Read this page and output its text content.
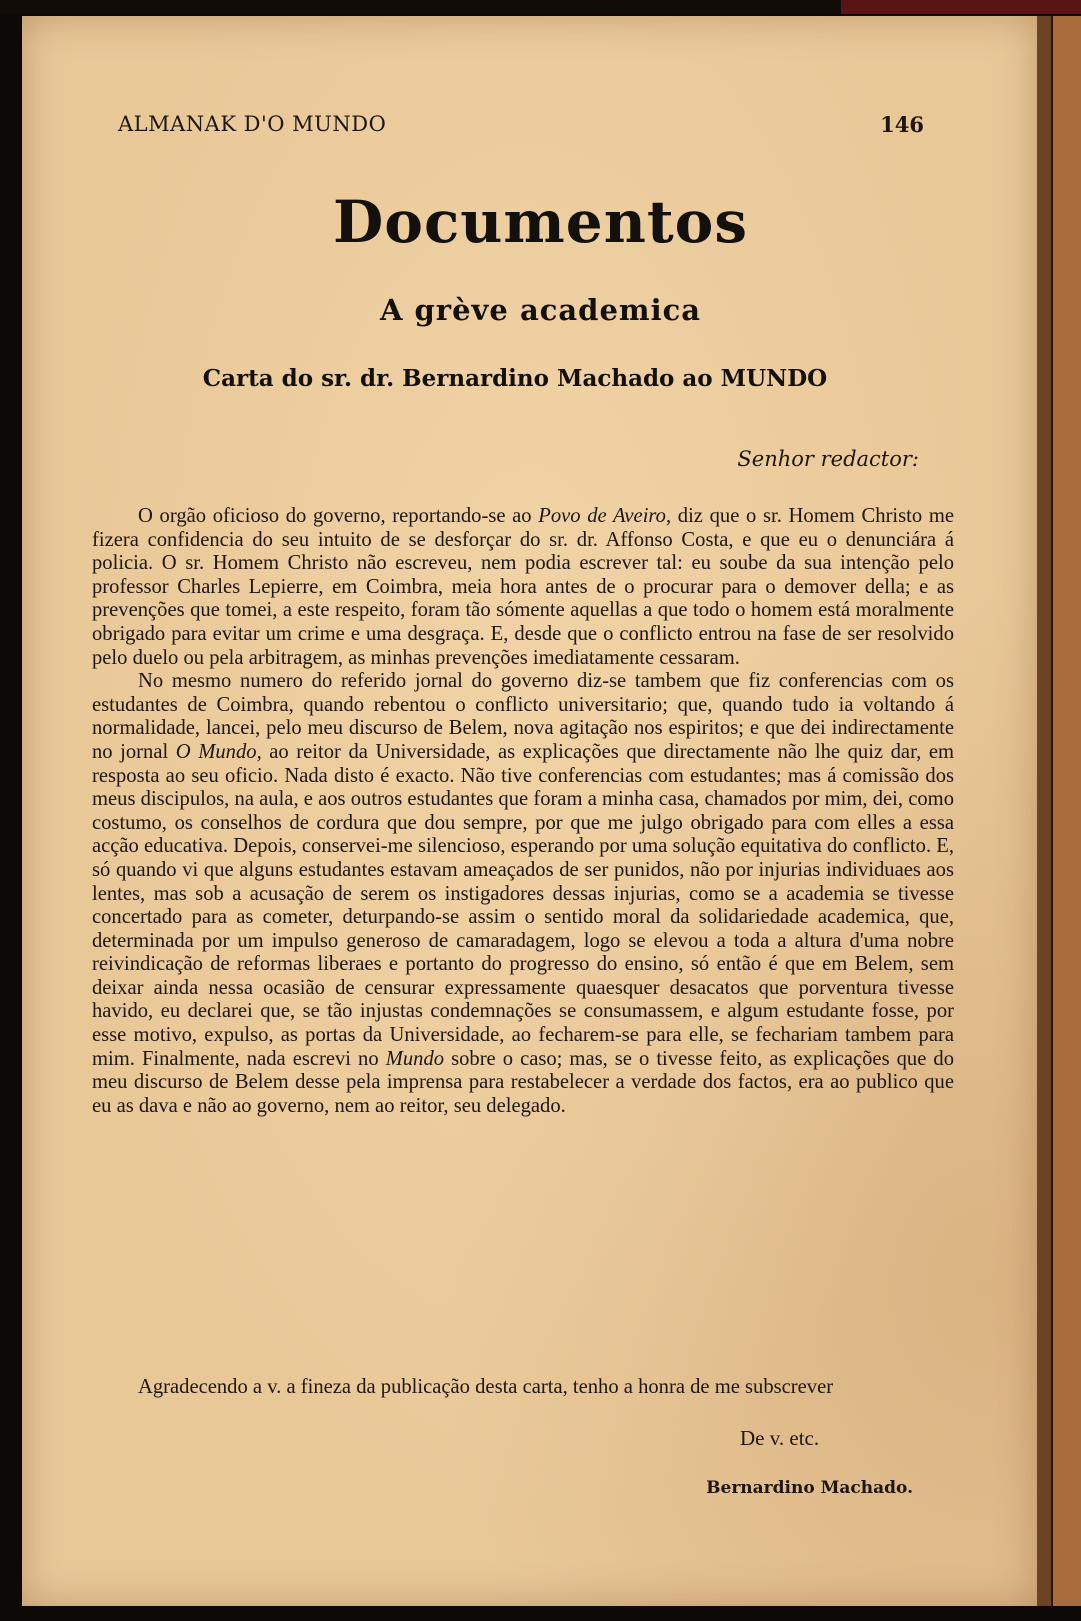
ALMANAK D'O MUNDO	146
Documentos
A grève academica
Carta do sr. dr. Bernardino Machado ao MUNDO
Senhor redactor:

O orgão oficioso do governo, reportando-se ao Povo de Aveiro, diz que o sr. Homem Christo me fizera confidencia do seu intuito de se desforçar do sr. dr. Affonso Costa, e que eu o denunciára á policia. O sr. Homem Christo não escreveu, nem podia escrever tal: eu soube da sua intenção pelo professor Charles Lepierre, em Coimbra, meia hora antes de o procurar para o demover della; e as prevenções que tomei, a este respeito, foram tão sómente aquellas a que todo o homem está moralmente obrigado para evitar um crime e uma desgraça. E, desde que o conflicto entrou na fase de ser resolvido pelo duelo ou pela arbitragem, as minhas prevenções imediatamente cessaram.

No mesmo numero do referido jornal do governo diz-se tambem que fiz conferencias com os estudantes de Coimbra, quando rebentou o conflicto universitario; que, quando tudo ia voltando á normalidade, lancei, pelo meu discurso de Belem, nova agitação nos espiritos; e que dei indirectamente no jornal O Mundo, ao reitor da Universidade, as explicações que directamente não lhe quiz dar, em resposta ao seu oficio. Nada disto é exacto. Não tive conferencias com estudantes; mas á comissão dos meus discipulos, na aula, e aos outros estudantes que foram a minha casa, chamados por mim, dei, como costumo, os conselhos de cordura que dou sempre, por que me julgo obrigado para com elles a essa acção educativa. Depois, conservei-me silencioso, esperando por uma solução equitativa do conflicto. E, só quando vi que alguns estudantes estavam ameaçados de ser punidos, não por injurias individuaes aos lentes, mas sob a acusação de serem os instigadores dessas injurias, como se a academia se tivesse concertado para as cometer, deturpando-se assim o sentido moral da solidariedade academica, que, determinada por um impulso generoso de camaradagem, logo se elevou a toda a altura d'uma nobre reivindicação de reformas liberaes e portanto do progresso do ensino, só então é que em Belem, sem deixar ainda nessa ocasião de censurar expressamente quaesquer desacatos que porventura tivesse havido, eu declarei que, se tão injustas condemnações se consumassem, e algum estudante fosse, por esse motivo, expulso, as portas da Universidade, ao fecharem-se para elle, se fechariam tambem para mim. Finalmente, nada escrevi no Mundo sobre o caso; mas, se o tivesse feito, as explicações que do meu discurso de Belem desse pela imprensa para restabelecer a verdade dos factos, era ao publico que eu as dava e não ao governo, nem ao reitor, seu delegado.

Agradecendo a v. a fineza da publicação desta carta, tenho a honra de me subscrever
De v. etc.
Bernardino Machado.
